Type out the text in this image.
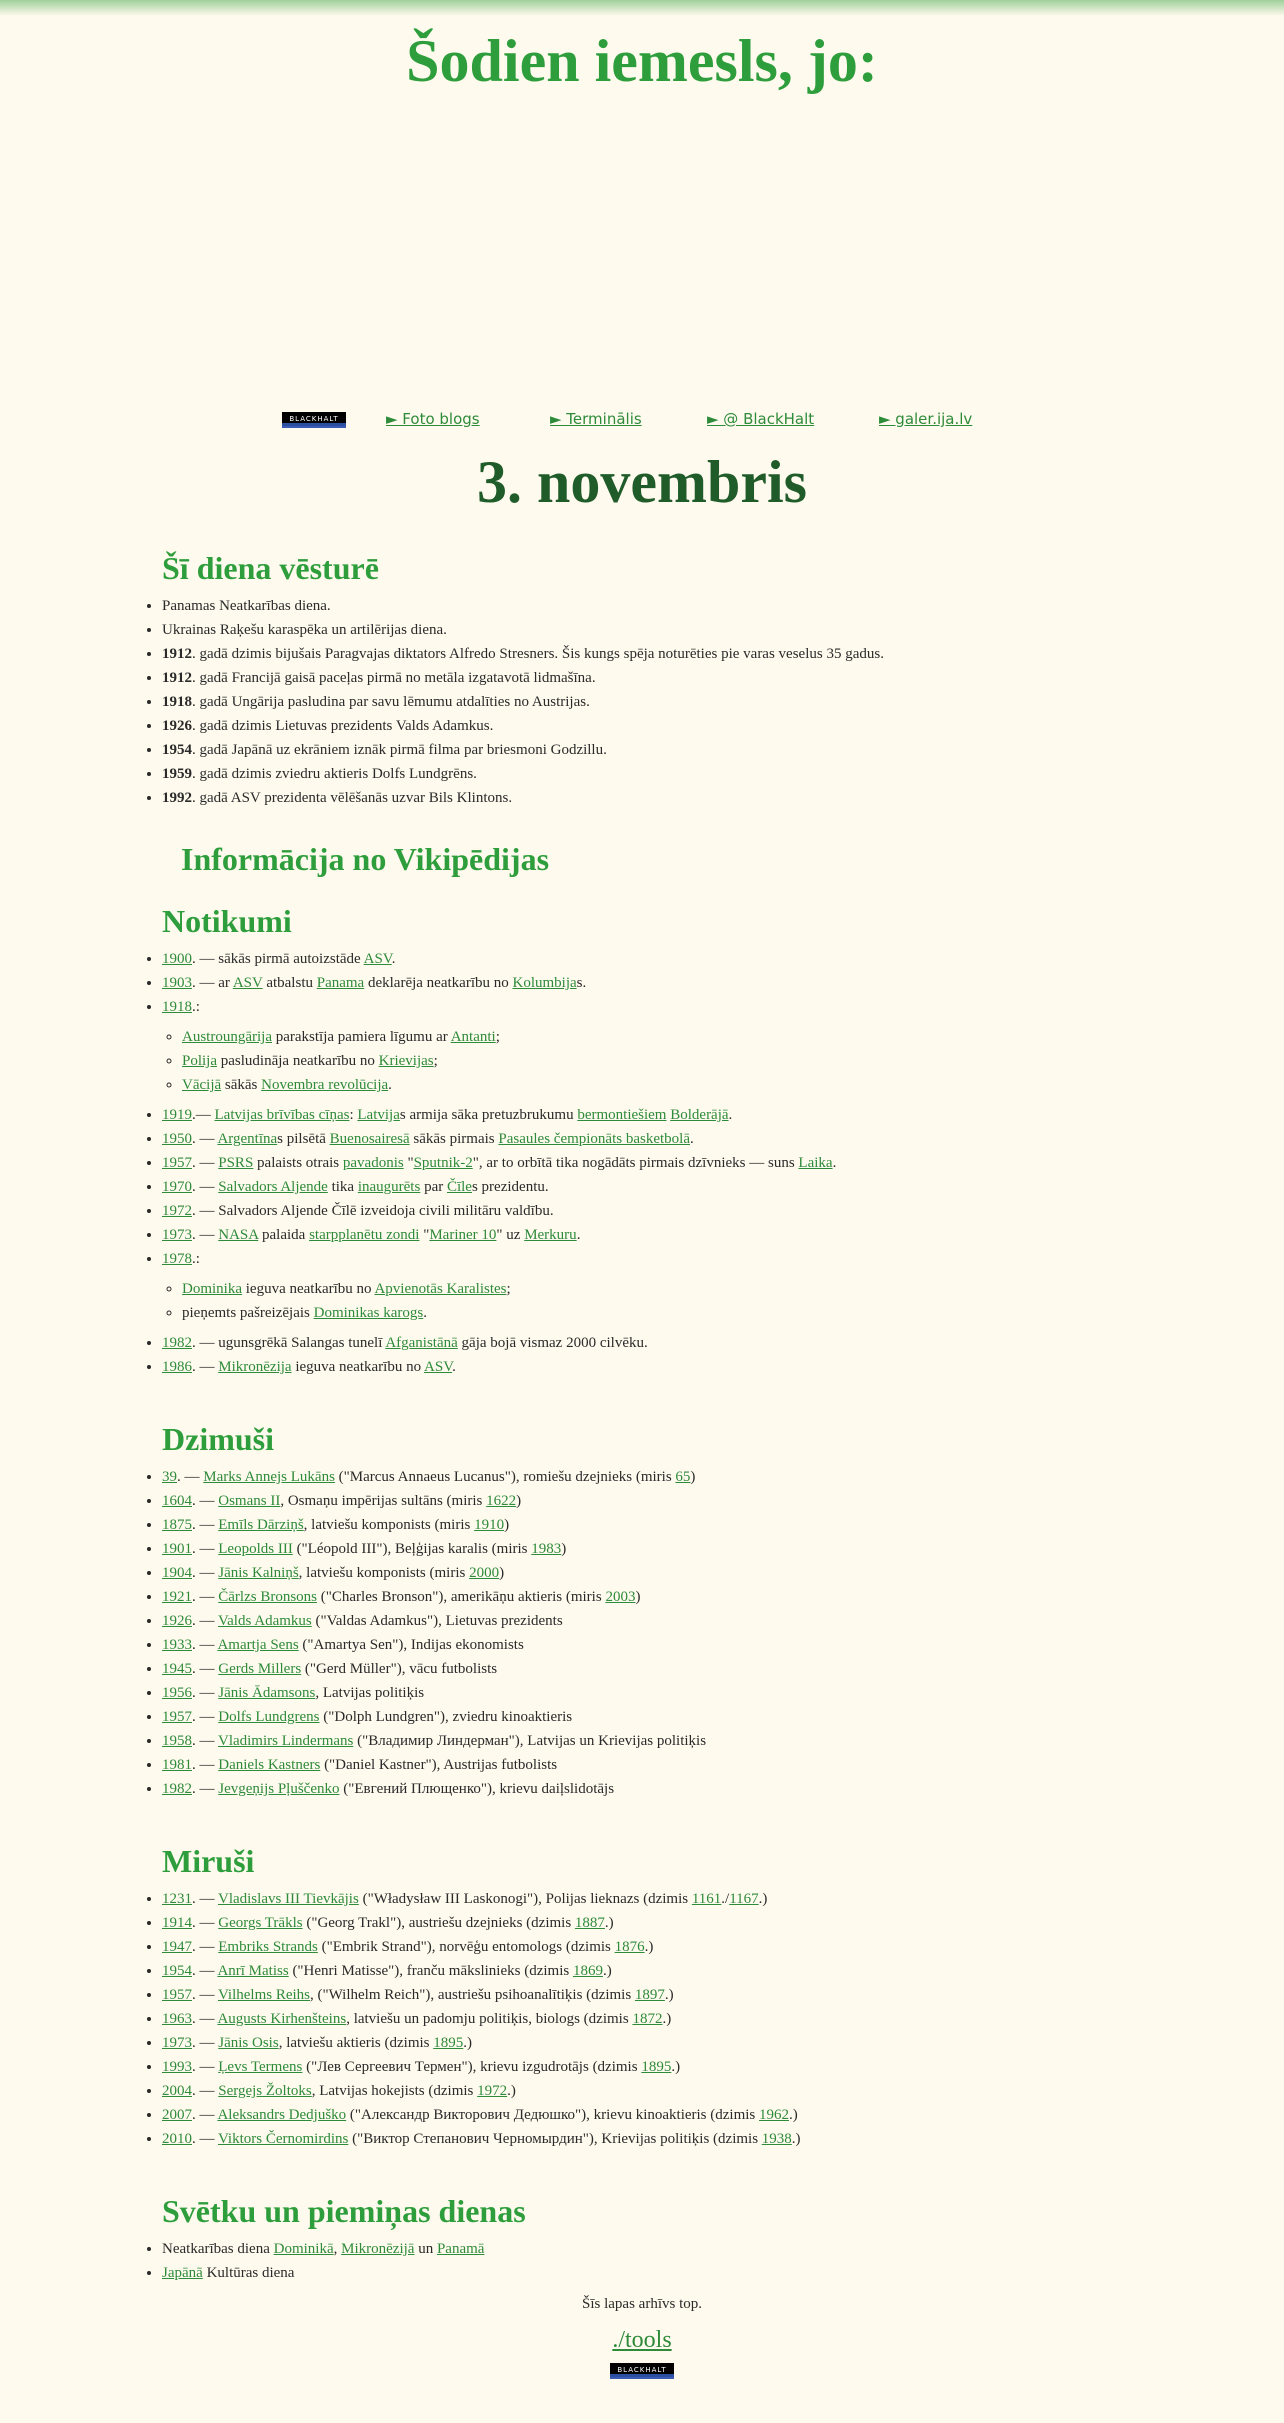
Šodien iemesls, jo:
BLACKHALT	► Foto blogs	► Terminālis	► @ BlackHalt	► galer.ija.lv
3. novembris
Šī diena vēsturē
• Panamas Neatkarības diena.
• Ukrainas Raķešu karaspēka un artilērijas diena.
• 1912. gadā dzimis bijušais Paragvajas diktators Alfredo Stresners. Šis kungs spēja noturēties pie varas veselus 35 gadus.
• 1912. gadā Francijā gaisā paceļas pirmā no metāla izgatavotā lidmašīna.
• 1918. gadā Ungārija pasludina par savu lēmumu atdalīties no Austrijas.
• 1926. gadā dzimis Lietuvas prezidents Valds Adamkus.
• 1954. gadā Japānā uz ekrāniem iznāk pirmā filma par briesmoni Godzillu.
• 1959. gadā dzimis zviedru aktieris Dolfs Lundgrēns.
• 1992. gadā ASV prezidenta vēlēšanās uzvar Bils Klintons.
Informācija no Vikipēdijas
Notikumi
• 1900. — sākās pirmā autoizstāde ASV.
• 1903. — ar ASV atbalstu Panama deklarēja neatkarību no Kolumbijas.
• 1918.:
◦ Austroungārija parakstīja pamiera līgumu ar Antanti;
◦ Polija pasludināja neatkarību no Krievijas;
◦ Vācijā sākās Novembra revolūcija.
• 1919.— Latvijas brīvības cīņas: Latvijas armija sāka pretuzbrukumu bermontiešiem Bolderājā.
• 1950. — Argentīnas pilsētā Buenosairesā sākās pirmais Pasaules čempionāts basketbolā.
• 1957. — PSRS palaists otrais pavadonis "Sputnik-2", ar to orbītā tika nogādāts pirmais dzīvnieks — suns Laika.
• 1970. — Salvadors Aljende tika inaugurēts par Čīles prezidentu.
• 1972. — Salvadors Aljende Čīlē izveidoja civili militāru valdību.
• 1973. — NASA palaida starpplanētu zondi "Mariner 10" uz Merkuru.
• 1978.:
◦ Dominika ieguva neatkarību no Apvienotās Karalistes;
◦ pieņemts pašreizējais Dominikas karogs.
• 1982. — ugunsgrēkā Salangas tunelī Afganistānā gāja bojā vismaz 2000 cilvēku.
• 1986. — Mikronēzija ieguva neatkarību no ASV.
Dzimuši
• 39. — Marks Annejs Lukāns ("Marcus Annaeus Lucanus"), romiešu dzejnieks (miris 65)
• 1604. — Osmans II, Osmaņu impērijas sultāns (miris 1622)
• 1875. — Emīls Dārziņš, latviešu komponists (miris 1910)
• 1901. — Leopolds III ("Léopold III"), Beļģijas karalis (miris 1983)
• 1904. — Jānis Kalniņš, latviešu komponists (miris 2000)
• 1921. — Čārlzs Bronsons ("Charles Bronson"), amerikāņu aktieris (miris 2003)
• 1926. — Valds Adamkus ("Valdas Adamkus"), Lietuvas prezidents
• 1933. — Amartja Sens ("Amartya Sen"), Indijas ekonomists
• 1945. — Gerds Millers ("Gerd Müller"), vācu futbolists
• 1956. — Jānis Ādamsons, Latvijas politiķis
• 1957. — Dolfs Lundgrens ("Dolph Lundgren"), zviedru kinoaktieris
• 1958. — Vladimirs Lindermans ("Владимир Линдерман"), Latvijas un Krievijas politiķis
• 1981. — Daniels Kastners ("Daniel Kastner"), Austrijas futbolists
• 1982. — Jevgeņijs Pļuščenko ("Евгений Плющенко"), krievu daiļslidotājs
Miruši
• 1231. — Vladislavs III Tievkājis ("Władysław III Laskonogi"), Polijas lieknazs (dzimis 1161./1167.)
• 1914. — Georgs Trākls ("Georg Trakl"), austriešu dzejnieks (dzimis 1887.)
• 1947. — Embriks Strands ("Embrik Strand"), norvēģu entomologs (dzimis 1876.)
• 1954. — Anrī Matiss ("Henri Matisse"), franču mākslinieks (dzimis 1869.)
• 1957. — Vilhelms Reihs, ("Wilhelm Reich"), austriešu psihoanalītiķis (dzimis 1897.)
• 1963. — Augusts Kirhenšteins, latviešu un padomju politiķis, biologs (dzimis 1872.)
• 1973. — Jānis Osis, latviešu aktieris (dzimis 1895.)
• 1993. — Ļevs Termens ("Лев Сергеевич Термен"), krievu izgudrotājs (dzimis 1895.)
• 2004. — Sergejs Žoltoks, Latvijas hokejists (dzimis 1972.)
• 2007. — Aleksandrs Dedjuško ("Александр Викторович Дедюшко"), krievu kinoaktieris (dzimis 1962.)
• 2010. — Viktors Černomirdins ("Виктор Степанович Черномырдин"), Krievijas politiķis (dzimis 1938.)
Svētku un piemiņas dienas
• Neatkarības diena Dominikā, Mikronēzijā un Panamā
• Japānā Kultūras diena
Šīs lapas arhīvs top.
./tools
BLACKHALT
